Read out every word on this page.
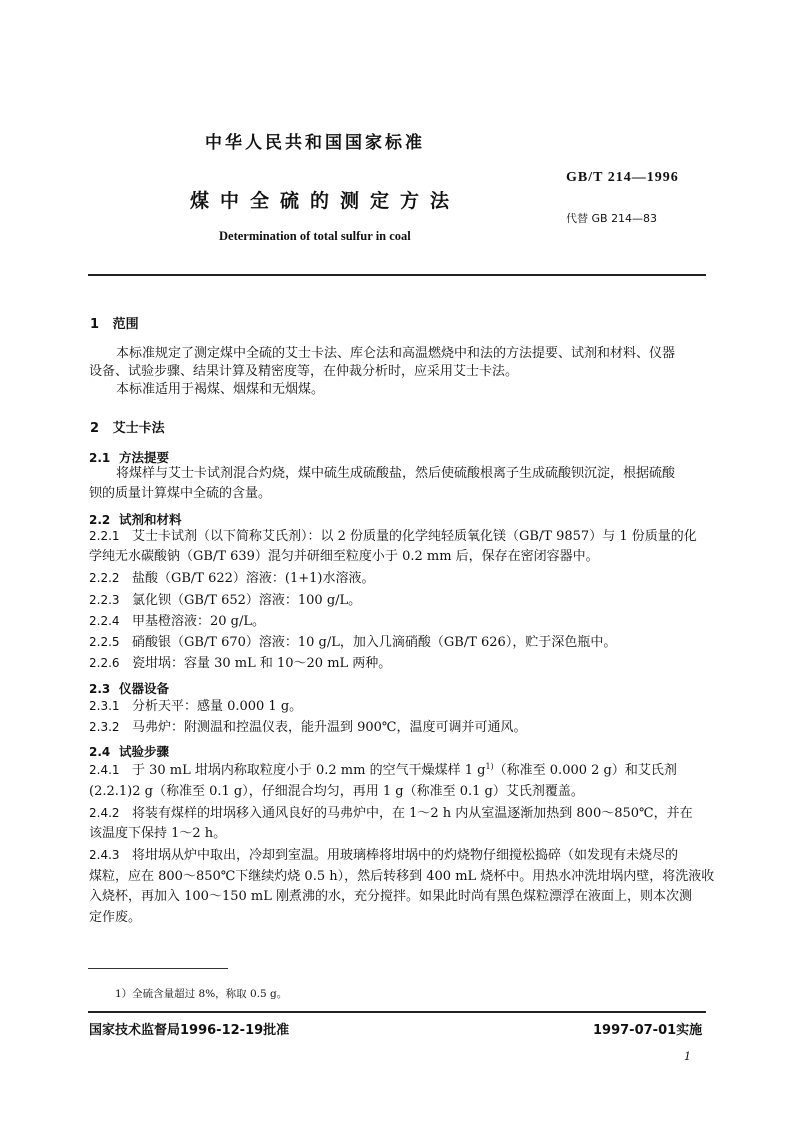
中华人民共和国国家标准
GB/T 214—1996
煤中全硫的测定方法
代替 GB 214—83
Determination of total sulfur in coal
1 范围
本标准规定了测定煤中全硫的艾士卡法、库仑法和高温燃烧中和法的方法提要、试剂和材料、仪器
设备、试验步骤、结果计算及精密度等，在仲裁分析时，应采用艾士卡法。
本标准适用于褐煤、烟煤和无烟煤。
2 艾士卡法
2.1 方法提要
将煤样与艾士卡试剂混合灼烧，煤中硫生成硫酸盐，然后使硫酸根离子生成硫酸钡沉淀，根据硫酸
钡的质量计算煤中全硫的含量。
2.2 试剂和材料
2.2.1 艾士卡试剂（以下简称艾氏剂）：以 2 份质量的化学纯轻质氧化镁（GB/T 9857）与 1 份质量的化
学纯无水碳酸钠（GB/T 639）混匀并研细至粒度小于 0.2 mm 后，保存在密闭容器中。
2.2.2 盐酸（GB/T 622）溶液：(1+1)水溶液。
2.2.3 氯化钡（GB/T 652）溶液：100 g/L。
2.2.4 甲基橙溶液：20 g/L。
2.2.5 硝酸银（GB/T 670）溶液：10 g/L，加入几滴硝酸（GB/T 626），贮于深色瓶中。
2.2.6 瓷坩埚：容量 30 mL 和 10～20 mL 两种。
2.3 仪器设备
2.3.1 分析天平：感量 0.000 1 g。
2.3.2 马弗炉：附测温和控温仪表，能升温到 900℃，温度可调并可通风。
2.4 试验步骤
2.4.1 于 30 mL 坩埚内称取粒度小于 0.2 mm 的空气干燥煤样 1 $g^{1)}$（称准至 0.000 2 g）和艾氏剂
(2.2.1)2 g（称准至 0.1 g），仔细混合均匀，再用 1 g（称准至 0.1 g）艾氏剂覆盖。
2.4.2 将装有煤样的坩埚移入通风良好的马弗炉中，在 1～2 h 内从室温逐渐加热到 800～850℃，并在
该温度下保持 1～2 h。
2.4.3 将坩埚从炉中取出，冷却到室温。用玻璃棒将坩埚中的灼烧物仔细搅松捣碎（如发现有未烧尽的
煤粒，应在 800～850℃下继续灼烧 0.5 h），然后转移到 400 mL 烧杯中。用热水冲洗坩埚内壁，将洗液收
入烧杯，再加入 100～150 mL 刚煮沸的水，充分搅拌。如果此时尚有黑色煤粒漂浮在液面上，则本次测
定作废。
1）全硫含量超过 8%，称取 0.5 g。
国家技术监督局1996-12-19批准	1997-07-01实施
1
